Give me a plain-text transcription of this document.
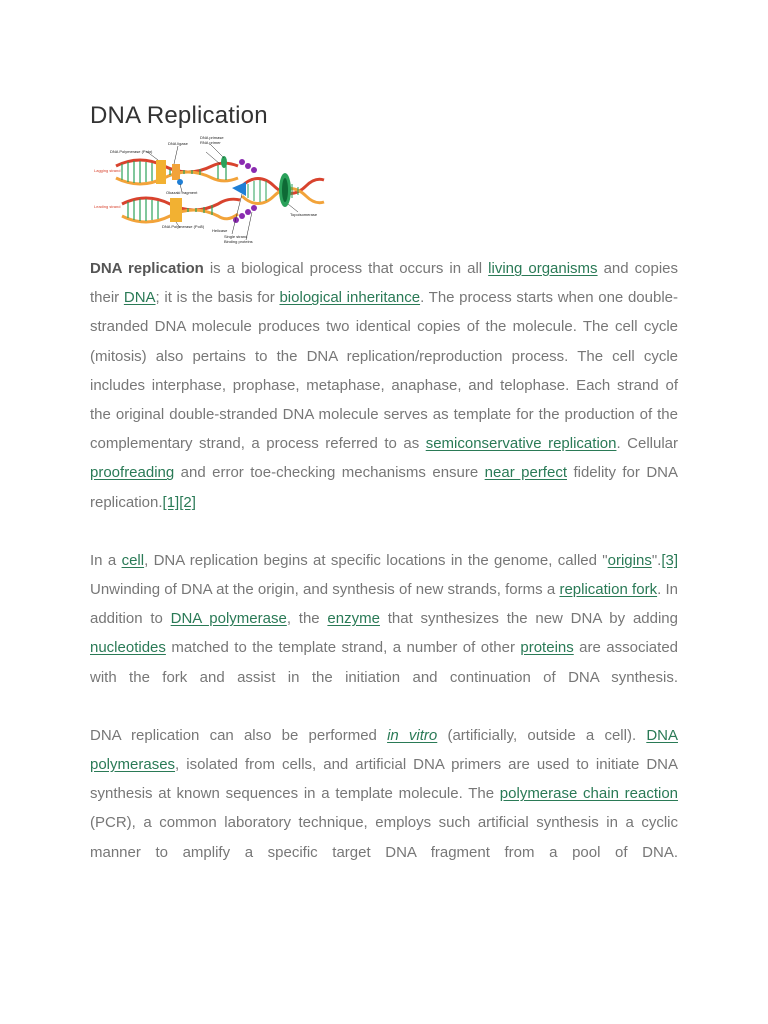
DNA Replication
DNA Polymerase (Polα)
DNA primase
RNA primer
DNA ligase
Lagging strand
Okazaki fragment
Leading strand
DNA Polymerase (Polδ)
Helicase
Single strand
Binding proteins
Topoisomerase

DNA replication is a biological process that occurs in all living organisms and copies their DNA; it is the basis for biological inheritance. The process starts when one double-stranded DNA molecule produces two identical copies of the molecule. The cell cycle (mitosis) also pertains to the DNA replication/reproduction process. The cell cycle includes interphase, prophase, metaphase, anaphase, and telophase. Each strand of the original double-stranded DNA molecule serves as template for the production of the complementary strand, a process referred to as semiconservative replication. Cellular proofreading and error toe-checking mechanisms ensure near perfect fidelity for DNA replication.[1][2]

In a cell, DNA replication begins at specific locations in the genome, called "origins".[3] Unwinding of DNA at the origin, and synthesis of new strands, forms a replication fork. In addition to DNA polymerase, the enzyme that synthesizes the new DNA by adding nucleotides matched to the template strand, a number of other proteins are associated with the fork and assist in the initiation and continuation of DNA synthesis.

DNA replication can also be performed in vitro (artificially, outside a cell). DNA polymerases, isolated from cells, and artificial DNA primers are used to initiate DNA synthesis at known sequences in a template molecule. The polymerase chain reaction (PCR), a common laboratory technique, employs such artificial synthesis in a cyclic manner to amplify a specific target DNA fragment from a pool of DNA.
